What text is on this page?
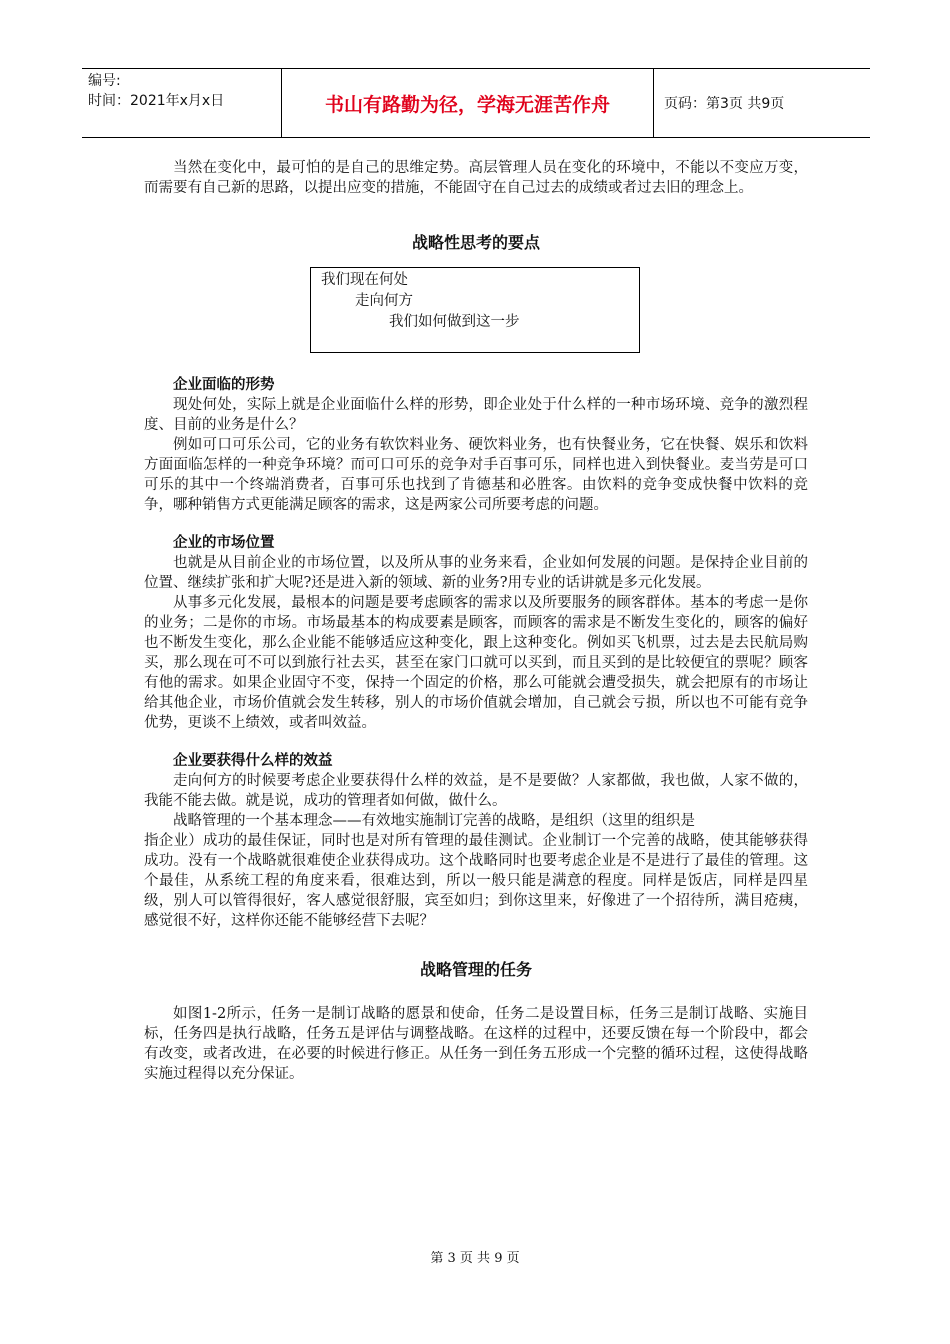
编号:
时间：2021年x月x日	书山有路勤为径，学海无涯苦作舟	页码：第3页 共9页

当然在变化中，最可怕的是自己的思维定势。高层管理人员在变化的环境中，不能以不变应万变，而需要有自己新的思路，以提出应变的措施，不能固守在自己过去的成绩或者过去旧的理念上。

战略性思考的要点
我们现在何处
走向何方
我们如何做到这一步
企业面临的形势

现处何处，实际上就是企业面临什么样的形势，即企业处于什么样的一种市场环境、竞争的激烈程度、目前的业务是什么？

例如可口可乐公司，它的业务有软饮料业务、硬饮料业务，也有快餐业务，它在快餐、娱乐和饮料方面面临怎样的一种竞争环境？而可口可乐的竞争对手百事可乐，同样也进入到快餐业。麦当劳是可口可乐的其中一个终端消费者，百事可乐也找到了肯德基和必胜客。由饮料的竞争变成快餐中饮料的竞争，哪种销售方式更能满足顾客的需求，这是两家公司所要考虑的问题。

企业的市场位置

也就是从目前企业的市场位置，以及所从事的业务来看，企业如何发展的问题。是保持企业目前的位置、继续扩张和扩大呢?还是进入新的领域、新的业务?用专业的话讲就是多元化发展。

从事多元化发展，最根本的问题是要考虑顾客的需求以及所要服务的顾客群体。基本的考虑一是你的业务；二是你的市场。市场最基本的构成要素是顾客，而顾客的需求是不断发生变化的，顾客的偏好也不断发生变化，那么企业能不能够适应这种变化，跟上这种变化。例如买飞机票，过去是去民航局购买，那么现在可不可以到旅行社去买，甚至在家门口就可以买到，而且买到的是比较便宜的票呢？顾客有他的需求。如果企业固守不变，保持一个固定的价格，那么可能就会遭受损失，就会把原有的市场让给其他企业，市场价值就会发生转移，别人的市场价值就会增加，自己就会亏损，所以也不可能有竞争优势，更谈不上绩效，或者叫效益。

企业要获得什么样的效益

走向何方的时候要考虑企业要获得什么样的效益，是不是要做？人家都做，我也做，人家不做的，我能不能去做。就是说，成功的管理者如何做，做什么。

战略管理的一个基本理念——有效地实施制订完善的战略，是组织（这里的组织是

指企业）成功的最佳保证，同时也是对所有管理的最佳测试。企业制订一个完善的战略，使其能够获得成功。没有一个战略就很难使企业获得成功。这个战略同时也要考虑企业是不是进行了最佳的管理。这个最佳，从系统工程的角度来看，很难达到，所以一般只能是满意的程度。同样是饭店，同样是四星级，别人可以管得很好，客人感觉很舒服，宾至如归；到你这里来，好像进了一个招待所，满目疮痍，感觉很不好，这样你还能不能够经营下去呢？

战略管理的任务

如图1-2所示，任务一是制订战略的愿景和使命，任务二是设置目标，任务三是制订战略、实施目标，任务四是执行战略，任务五是评估与调整战略。在这样的过程中，还要反馈在每一个阶段中，都会有改变，或者改进，在必要的时候进行修正。从任务一到任务五形成一个完整的循环过程，这使得战略实施过程得以充分保证。

第 3 页 共 9 页
